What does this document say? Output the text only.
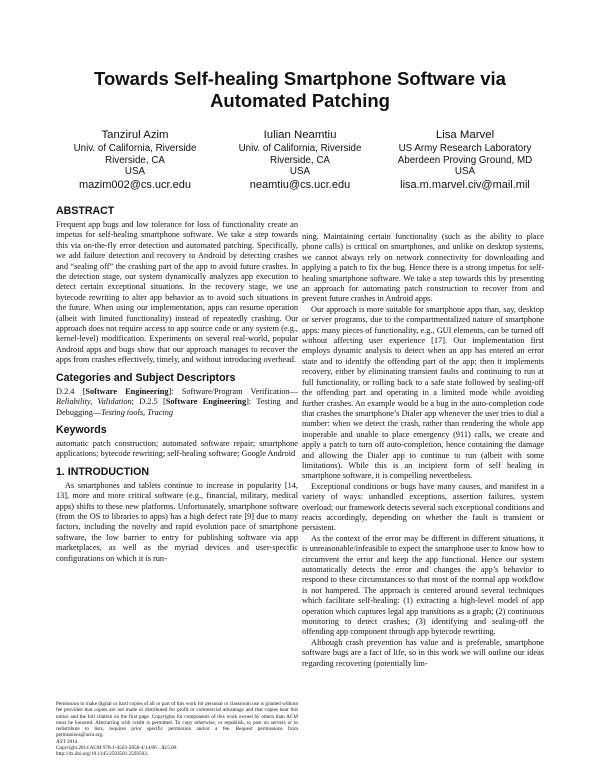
Towards Self-healing Smartphone Software via Automated Patching
Tanzirul Azim
Univ. of California, Riverside
Riverside, CA
USA
mazim002@cs.ucr.edu
Iulian Neamtiu
Univ. of California, Riverside
Riverside, CA
USA
neamtiu@cs.ucr.edu
Lisa Marvel
US Army Research Laboratory
Aberdeen Proving Ground, MD
USA
lisa.m.marvel.civ@mail.mil
ABSTRACT

Frequent app bugs and low tolerance for loss of functionality create an impetus for self-healing smartphone software. We take a step towards this via on-the-fly error detection and automated patching. Specifically, we add failure detection and recovery to Android by detecting crashes and “sealing off” the crashing part of the app to avoid future crashes. In the detection stage, our system dynamically analyzes app execution to detect certain exceptional situations. In the recovery stage, we use bytecode rewriting to alter app behavior as to avoid such situations in the future. When using our implementation, apps can resume operation (albeit with limited functionality) instead of repeatedly crashing. Our approach does not require access to app source code or any system (e.g., kernel-level) modification. Experiments on several real-world, popular Android apps and bugs show that our approach manages to recover the apps from crashes effectively, timely, and without introducing overhead.

Categories and Subject Descriptors

D.2.4 [Software Engineering]: Software/Program Verification—Reliability, Validation; D.2.5 [Software Engineering]: Testing and Debugging—Testing tools, Tracing

Keywords

automatic patch construction; automated software repair; smartphone applications; bytecode rewriting; self-healing software; Google Android

1. INTRODUCTION

As smartphones and tablets continue to increase in popularity [14, 13], more and more critical software (e.g., financial, military, medical apps) shifts to these new platforms. Unfortunately, smartphone software (from the OS to libraries to apps) has a high defect rate [9] due to many factors, including the novelty and rapid evolution pace of smartphone software, the low barrier to entry for publishing software via app marketplaces, as well as the myriad devices and user-specific configurations on which it is run-

Permission to make digital or hard copies of all or part of this work for personal or classroom use is granted without fee provided that copies are not made or distributed for profit or commercial advantage and that copies bear this notice and the full citation on the first page. Copyrights for components of this work owned by others than ACM must be honored. Abstracting with credit is permitted. To copy otherwise, or republish, to post on servers or to redistribute to lists, requires prior specific permission and/or a fee. Request permissions from permissions@acm.org.
AST 2014
Copyright 2014 ACM 978-1-4503-2858-4/14/06 ...$15.00.
http://dx.doi.org/10.1145/2593501.2593503.

ning. Maintaining certain functionality (such as the ability to place phone calls) is critical on smartphones, and unlike on desktop systems, we cannot always rely on network connectivity for downloading and applying a patch to fix the bug. Hence there is a strong impetus for self-healing smartphone software. We take a step towards this by presenting an approach for automating patch construction to recover from and prevent future crashes in Android apps.

Our approach is more suitable for smartphone apps than, say, desktop or server programs, due to the compartmentalized nature of smartphone apps: many pieces of functionality, e.g., GUI elements, can be turned off without affecting user experience [17]. Our implementation first employs dynamic analysis to detect when an app has entered an error state and to identify the offending part of the app; then it implements recovery, either by eliminating transient faults and continuing to run at full functionality, or rolling back to a safe state followed by sealing-off the offending part and operating in a limited mode while avoiding further crashes. An example would be a bug in the auto-completion code that crashes the smartphone’s Dialer app whenever the user tries to dial a number: when we detect the crash, rather than rendering the whole app inoperable and unable to place emergency (911) calls, we create and apply a patch to turn off auto-completion, hence containing the damage and allowing the Dialer app to continue to run (albeit with some limitations). While this is an incipient form of self healing in smartphone software, it is compelling nevertheless.

Exceptional conditions or bugs have many causes, and manifest in a variety of ways: unhandled exceptions, assertion failures, system overload; our framework detects several such exceptional conditions and reacts accordingly, depending on whether the fault is transient or persistent.

As the context of the error may be different in different situations, it is unreasonable/infeasible to expect the smartphone user to know how to circumvent the error and keep the app functional. Hence our system automatically detects the error and changes the app’s behavior to respond to these circumstances so that most of the normal app workflow is not hampered. The approach is centered around several techniques which facilitate self-healing: (1) extracting a high-level model of app operation which captures legal app transitions as a graph; (2) continuous monitoring to detect crashes; (3) identifying and sealing-off the offending app component through app bytecode rewriting.

Although crash prevention has value and is preferable, smartphone software bugs are a fact of life, so in this work we will outline our ideas regarding recovering (potentially lim-
